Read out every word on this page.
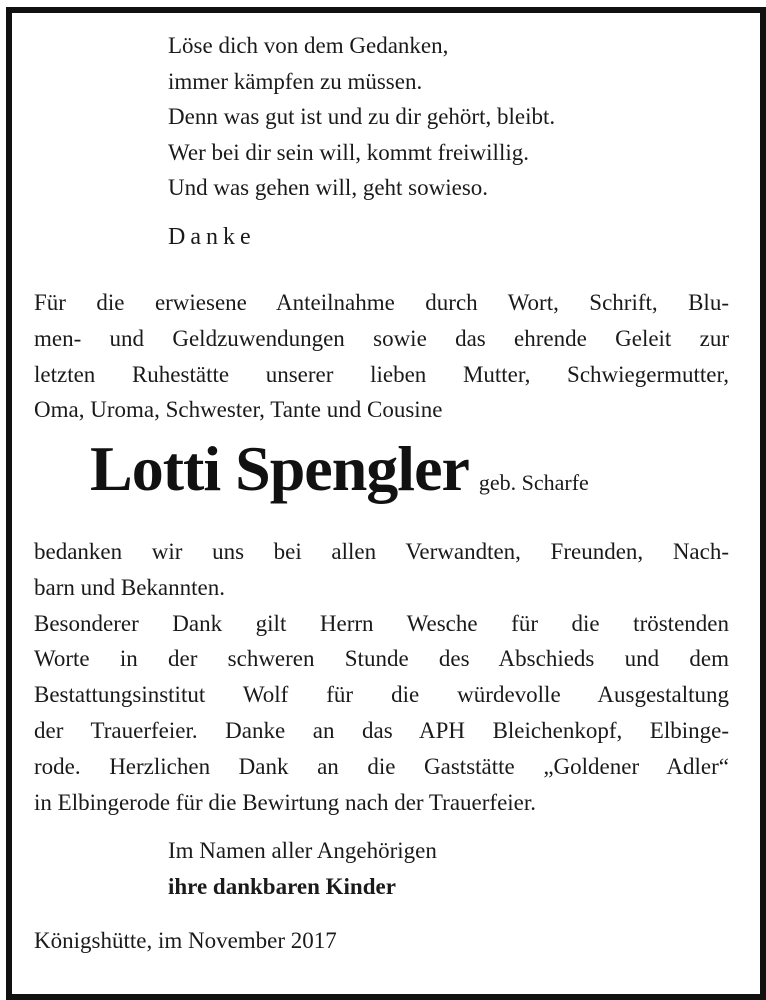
Löse dich von dem Gedanken,
immer kämpfen zu müssen.
Denn was gut ist und zu dir gehört, bleibt.
Wer bei dir sein will, kommt freiwillig.
Und was gehen will, geht sowieso.
Danke
Für die erwiesene Anteilnahme durch Wort, Schrift, Blu-
men- und Geldzuwendungen sowie das ehrende Geleit zur
letzten Ruhestätte unserer lieben Mutter, Schwiegermutter,
Oma, Uroma, Schwester, Tante und Cousine
Lotti Spengler geb. Scharfe
bedanken wir uns bei allen Verwandten, Freunden, Nach-
barn und Bekannten.
Besonderer Dank gilt Herrn Wesche für die tröstenden
Worte in der schweren Stunde des Abschieds und dem
Bestattungsinstitut Wolf für die würdevolle Ausgestaltung
der Trauerfeier. Danke an das APH Bleichenkopf, Elbinge-
rode. Herzlichen Dank an die Gaststätte „Goldener Adler“
in Elbingerode für die Bewirtung nach der Trauerfeier.
Im Namen aller Angehörigen
ihre dankbaren Kinder
Königshütte, im November 2017
